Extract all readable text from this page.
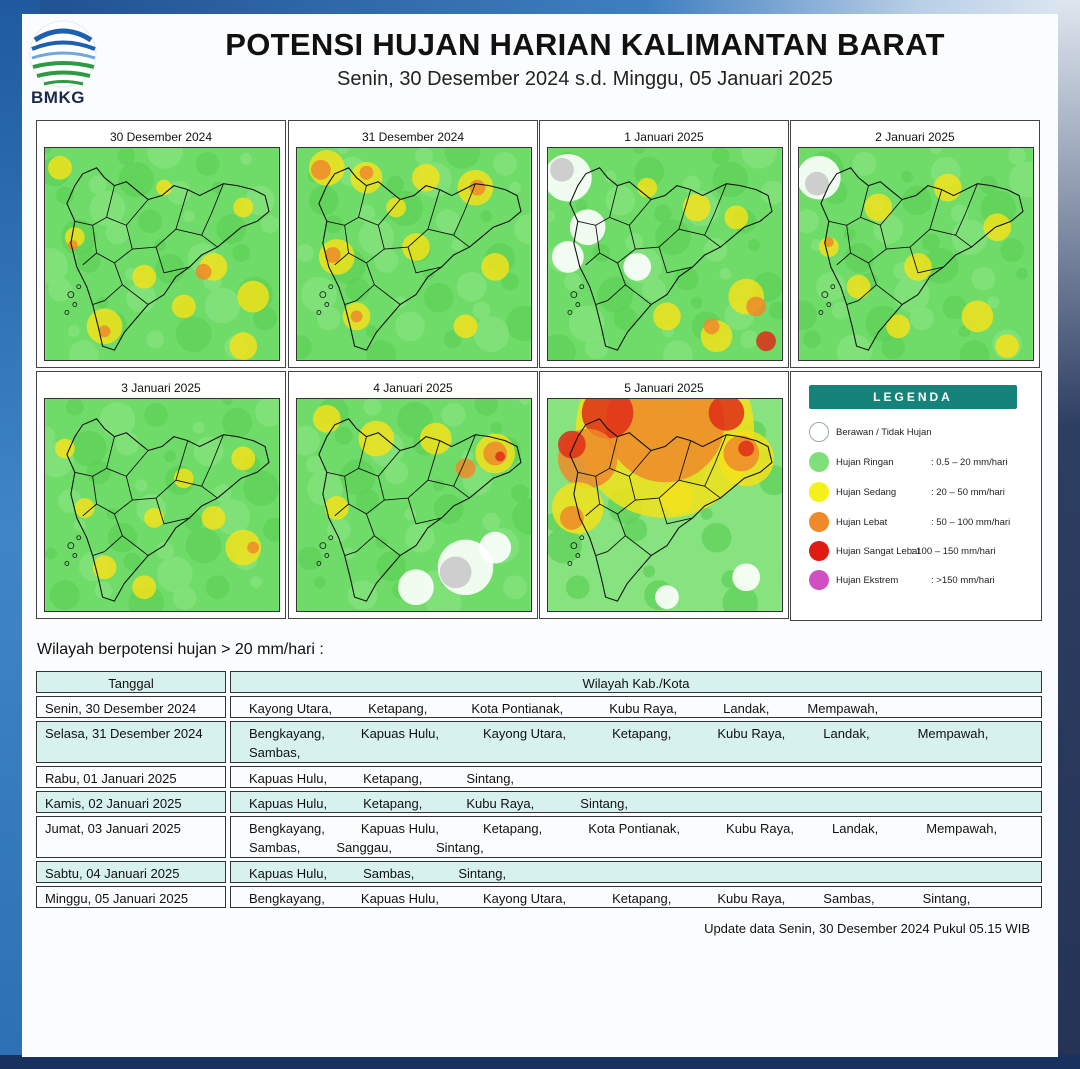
BMKG
POTENSI HUJAN HARIAN KALIMANTAN BARAT
Senin, 30 Desember 2024 s.d. Minggu, 05 Januari 2025
30 Desember 2024	31 Desember 2024	1 Januari 2025	2 Januari 2025
3 Januari 2025	4 Januari 2025	5 Januari 2025
LEGENDA
Berawan / Tidak Hujan
Hujan Ringan	: 0.5 – 20 mm/hari
Hujan Sedang	: 20 – 50 mm/hari
Hujan Lebat	: 50 – 100 mm/hari
Hujan Sangat Lebat
: 100 – 150 mm/hari
Hujan Ekstrem	: >150 mm/hari
Wilayah berpotensi hujan > 20 mm/hari :
Tanggal	Wilayah Kab./Kota
Senin, 30 Desember 2024	Kayong Utara,	Ketapang,	Kota Pontianak,	Kubu Raya,	Landak,	Mempawah,
Selasa, 31 Desember 2024	Bengkayang,	Kapuas Hulu,	Kayong Utara,	Ketapang,	Kubu Raya,	Landak,	Mempawah,
Sambas,
Rabu, 01 Januari 2025	Kapuas Hulu,	Ketapang,	Sintang,
Kamis, 02 Januari 2025	Kapuas Hulu,	Ketapang,	Kubu Raya,	Sintang,
Jumat, 03 Januari 2025	Bengkayang,	Kapuas Hulu,	Ketapang,	Kota Pontianak,	Kubu Raya,	Landak,	Mempawah,
Sambas,	Sanggau,	Sintang,
Sabtu, 04 Januari 2025	Kapuas Hulu,	Sambas,	Sintang,
Minggu, 05 Januari 2025	Bengkayang,	Kapuas Hulu,	Kayong Utara,	Ketapang,	Kubu Raya,	Sambas,	Sintang,
Update data Senin, 30 Desember 2024 Pukul 05.15 WIB
